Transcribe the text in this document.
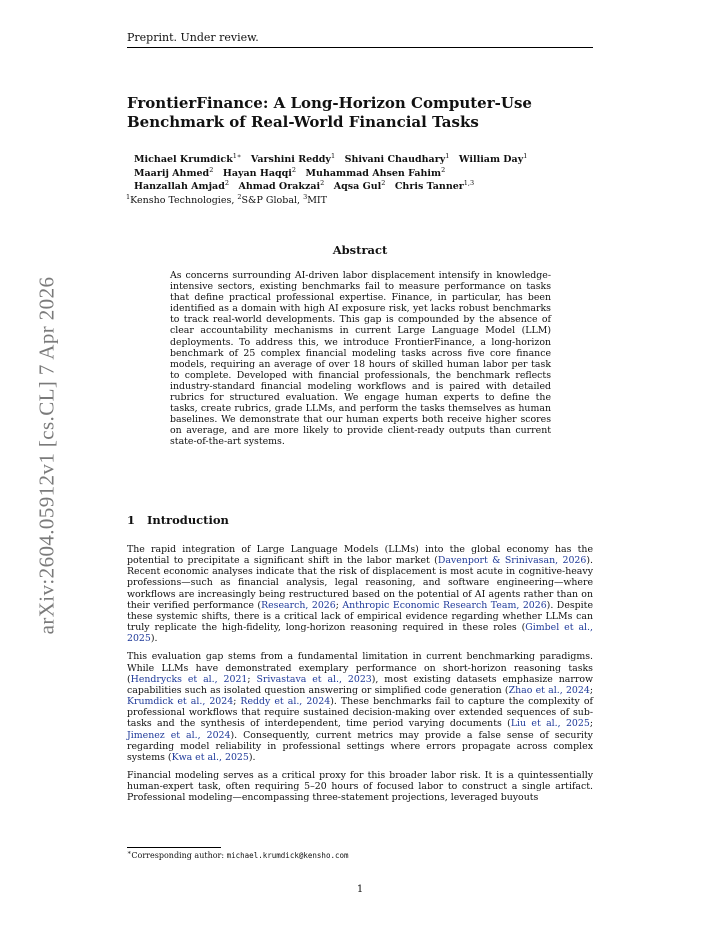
Preprint. Under review.
arXiv:2604.05912v1 [cs.CL] 7 Apr 2026
FrontierFinance: A Long-Horizon Computer-Use Benchmark of Real-World Financial Tasks
Michael Krumdick$^{1∗}$  Varshini Reddy$^1$  Shivani Chaudhary$^1$  William Day$^1$
Maarij Ahmed$^2$  Hayan Haqqi$^2$  Muhammad Ahsen Fahim$^2$
Hanzallah Amjad$^2$  Ahmad Orakzai$^2$  Aqsa Gul$^2$  Chris Tanner$^{1,3}$
$^1$Kensho Technologies, $^2$S&P Global, $^3$MIT
Abstract
As concerns surrounding AI-driven labor displacement intensify in knowledge-intensive sectors, existing benchmarks fail to measure performance on tasks that define practical professional expertise. Finance, in particular, has been identified as a domain with high AI exposure risk, yet lacks robust benchmarks to track real-world developments. This gap is compounded by the absence of clear accountability mechanisms in current Large Language Model (LLM) deployments. To address this, we introduce FrontierFinance, a long-horizon benchmark of 25 complex financial modeling tasks across five core finance models, requiring an average of over 18 hours of skilled human labor per task to complete. Developed with financial professionals, the benchmark reflects industry-standard financial modeling workflows and is paired with detailed rubrics for structured evaluation. We engage human experts to define the tasks, create rubrics, grade LLMs, and perform the tasks themselves as human baselines. We demonstrate that our human experts both receive higher scores on average, and are more likely to provide client-ready outputs than current state-of-the-art systems.
1 Introduction

The rapid integration of Large Language Models (LLMs) into the global economy has the potential to precipitate a significant shift in the labor market (Davenport & Srinivasan, 2026). Recent economic analyses indicate that the risk of displacement is most acute in cognitive-heavy professions—such as financial analysis, legal reasoning, and software engineering—where workflows are increasingly being restructured based on the potential of AI agents rather than on their verified performance (Research, 2026; Anthropic Economic Research Team, 2026). Despite these systemic shifts, there is a critical lack of empirical evidence regarding whether LLMs can truly replicate the high-fidelity, long-horizon reasoning required in these roles (Gimbel et al., 2025).

This evaluation gap stems from a fundamental limitation in current benchmarking paradigms. While LLMs have demonstrated exemplary performance on short-horizon reasoning tasks (Hendrycks et al., 2021; Srivastava et al., 2023), most existing datasets emphasize narrow capabilities such as isolated question answering or simplified code generation (Zhao et al., 2024; Krumdick et al., 2024; Reddy et al., 2024). These benchmarks fail to capture the complexity of professional workflows that require sustained decision-making over extended sequences of sub-tasks and the synthesis of interdependent, time period varying documents (Liu et al., 2025; Jimenez et al., 2024). Consequently, current metrics may provide a false sense of security regarding model reliability in professional settings where errors propagate across complex systems (Kwa et al., 2025).

Financial modeling serves as a critical proxy for this broader labor risk. It is a quintessentially human-expert task, often requiring 5–20 hours of focused labor to construct a single artifact. Professional modeling—encompassing three-statement projections, leveraged buyouts

∗Corresponding author: michael.krumdick@kensho.com
1
